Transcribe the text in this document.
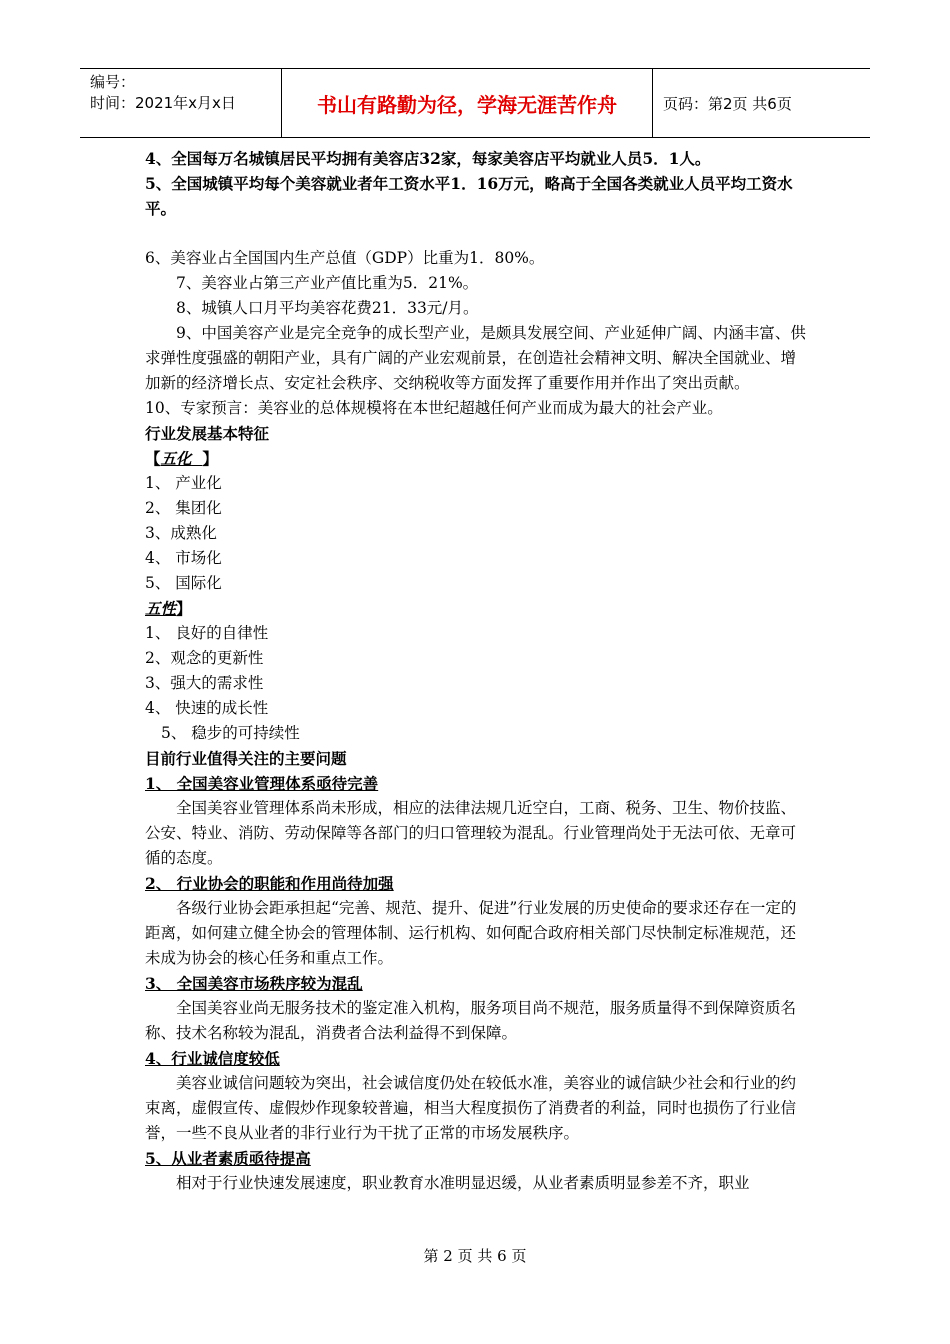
编号：
时间：2021年x月x日	书山有路勤为径，学海无涯苦作舟	页码：第2页 共6页

4、全国每万名城镇居民平均拥有美容店32家，每家美容店平均就业人员5．1人。

5、全国城镇平均每个美容就业者年工资水平1．16万元，略高于全国各类就业人员平均工资水平。

6、美容业占全国国内生产总值（GDP）比重为1．80%。

7、美容业占第三产业产值比重为5．21%。

8、城镇人口月平均美容花费21．33元/月。

9、中国美容产业是完全竞争的成长型产业，是颇具发展空间、产业延伸广阔、内涵丰富、供求弹性度强盛的朝阳产业，具有广阔的产业宏观前景，在创造社会精神文明、解决全国就业、增加新的经济增长点、安定社会秩序、交纳税收等方面发挥了重要作用并作出了突出贡献。

10、专家预言：美容业的总体规模将在本世纪超越任何产业而成为最大的社会产业。

行业发展基本特征

【五化 】

1、 产业化

2、 集团化

3、成熟化

4、 市场化

5、 国际化

五性】

1、 良好的自律性

2、观念的更新性

3、强大的需求性

4、 快速的成长性

5、 稳步的可持续性

目前行业值得关注的主要问题

1、 全国美容业管理体系亟待完善

全国美容业管理体系尚未形成，相应的法律法规几近空白，工商、税务、卫生、物价技监、公安、特业、消防、劳动保障等各部门的归口管理较为混乱。行业管理尚处于无法可依、无章可循的态度。

2、 行业协会的职能和作用尚待加强

各级行业协会距承担起“完善、规范、提升、促进”行业发展的历史使命的要求还存在一定的距离，如何建立健全协会的管理体制、运行机构、如何配合政府相关部门尽快制定标准规范，还未成为协会的核心任务和重点工作。

3、 全国美容市场秩序较为混乱

全国美容业尚无服务技术的鉴定准入机构，服务项目尚不规范，服务质量得不到保障资质名称、技术名称较为混乱，消费者合法利益得不到保障。

4、行业诚信度较低

美容业诚信问题较为突出，社会诚信度仍处在较低水准，美容业的诚信缺少社会和行业的约束离，虚假宣传、虚假炒作现象较普遍，相当大程度损伤了消费者的利益，同时也损伤了行业信誉，一些不良从业者的非行业行为干扰了正常的市场发展秩序。

5、从业者素质亟待提高

相对于行业快速发展速度，职业教育水准明显迟缓，从业者素质明显参差不齐，职业

第 2 页 共 6 页
